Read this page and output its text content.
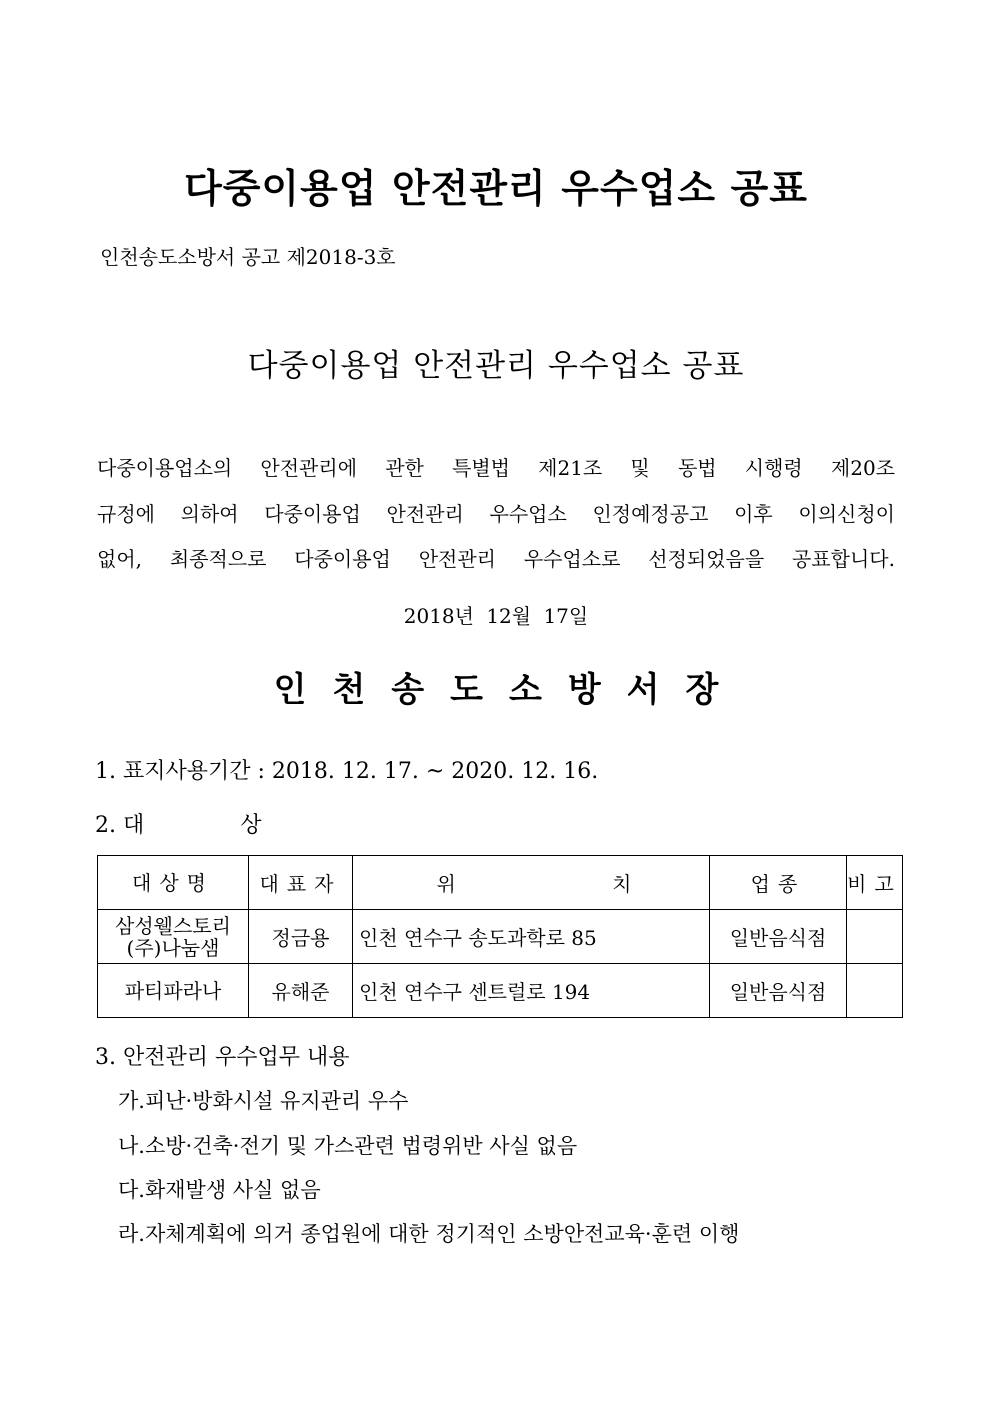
다중이용업 안전관리 우수업소 공표
인천송도소방서 공고 제2018-3호
다중이용업 안전관리 우수업소 공표
다중이용업소의 안전관리에 관한 특별법 제21조 및 동법 시행령 제20조
규정에 의하여 다중이용업 안전관리 우수업소 인정예정공고 이후 이의신청이
없어, 최종적으로 다중이용업 안전관리 우수업소로 선정되었음을 공표합니다.
2018년 12월 17일
인천송도소방서장
1. 표지사용기간 : 2018. 12. 17. ~ 2020. 12. 16.
2. 대	상
대상명	대표자	위 치	업종	비고

삼성웰스토리
(주)나눔샘	정금용	인천 연수구 송도과학로 85	일반음식점	

파티파라나	유해준	인천 연수구 센트럴로 194	일반음식점	
3. 안전관리 우수업무 내용
가.피난·방화시설 유지관리 우수
나.소방·건축·전기 및 가스관련 법령위반 사실 없음
다.화재발생 사실 없음
라.자체계획에 의거 종업원에 대한 정기적인 소방안전교육·훈련 이행
